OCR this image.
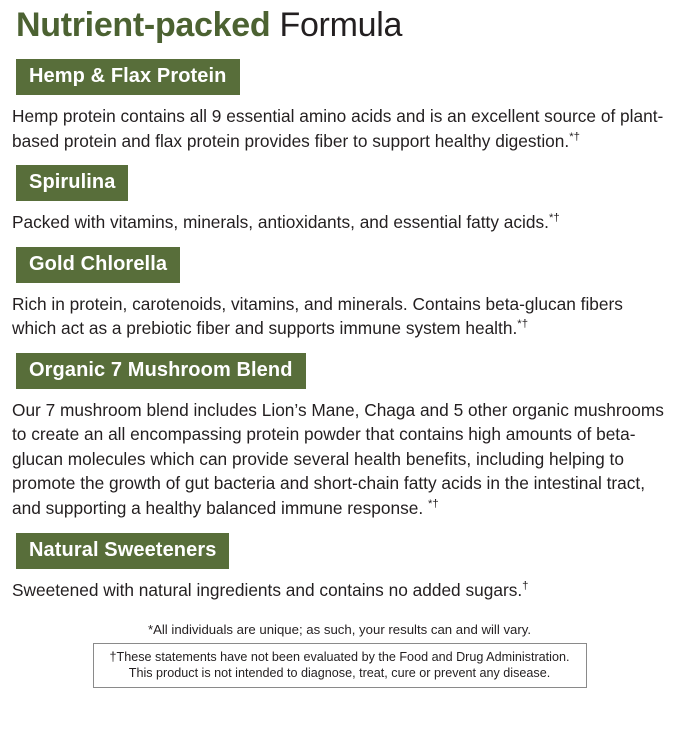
Nutrient-packed Formula
Hemp & Flax Protein

Hemp protein contains all 9 essential amino acids and is an excellent source of plant-based protein and flax protein provides fiber to support healthy digestion.*†

Spirulina

Packed with vitamins, minerals, antioxidants, and essential fatty acids.*†

Gold Chlorella

Rich in protein, carotenoids, vitamins, and minerals. Contains beta-glucan fibers which act as a prebiotic fiber and supports immune system health.*†

Organic 7 Mushroom Blend

Our 7 mushroom blend includes Lion’s Mane, Chaga and 5 other organic mushrooms to create an all encompassing protein powder that contains high amounts of beta-glucan molecules which can provide several health benefits, including helping to promote the growth of gut bacteria and short-chain fatty acids in the intestinal tract, and supporting a healthy balanced immune response. *†

Natural Sweeteners

Sweetened with natural ingredients and contains no added sugars.†

*All individuals are unique; as such, your results can and will vary.

†These statements have not been evaluated by the Food and Drug Administration.
This product is not intended to diagnose, treat, cure or prevent any disease.
